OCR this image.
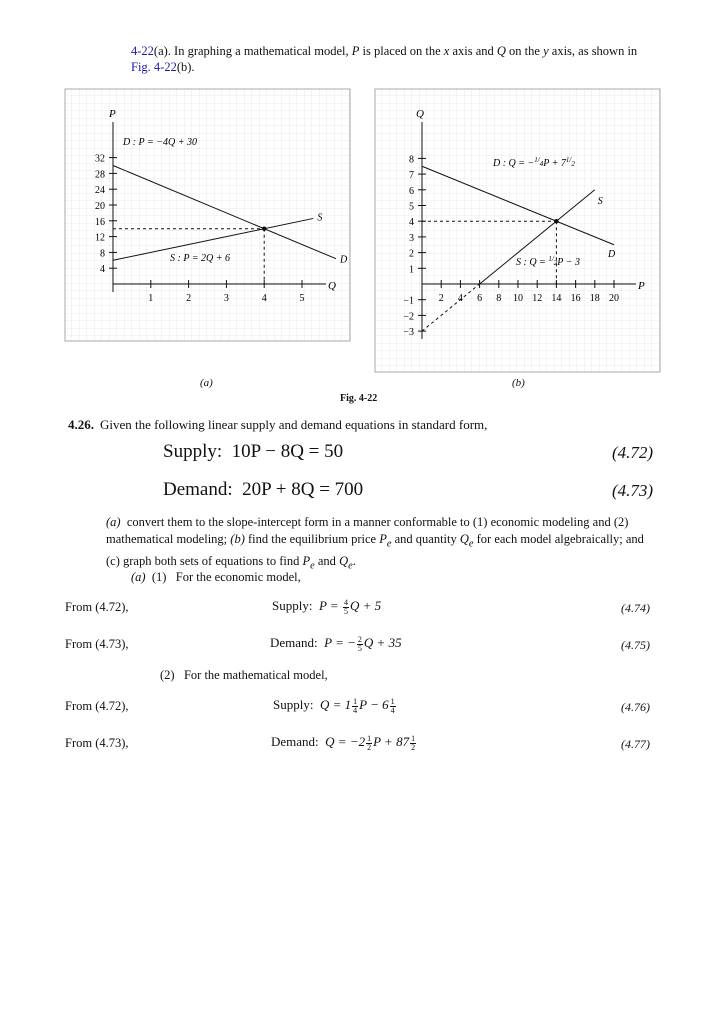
4-22(a). In graphing a mathematical model, P is placed on the x axis and Q on the y axis, as shown in Fig. 4-22(b).
P
Q
4
8
12
16
20
24
28
32
1	2	3	4	5
D : P = −4Q + 30
S : P = 2Q + 6
S
D
Q
P
−3
−2
−1
1
2
3
4
5
6
7
8
2 4 6 8 10 12 14 16 18 20
D : $Q = -^1/_4P + 7^1/_2$
S : $Q = ^1/_2P - 3$
S
D
(a)	(b)
Fig. 4-22
4.26. Given the following linear supply and demand equations in standard form,
Supply: 10P − 8Q = 50	(4.72)
Demand: 20P + 8Q = 700	(4.73)
(a) convert them to the slope-intercept form in a manner conformable to (1) economic modeling and (2) mathematical modeling; (b) find the equilibrium price $P_e$ and quantity $Q_e$ for each model algebraically; and (c) graph both sets of equations to find $P_e$ and $Q_e$.
(a) (1) For the economic model,
From (4.72),	Supply: $P = \frac{4}{5}$ Q + 5	(4.74)
From (4.73),	Demand: P = − $\frac{2}{5}$ Q + 35	(4.75)
(2) For the mathematical model,
From (4.72),	Supply: $Q = 1 \frac{1}{4}$ $P - 6 \frac{1}{4}$	(4.76)
From (4.73),	Demand: $Q = -2 \frac{1}{2}$ $P + 87 \frac{1}{2}$	(4.77)
